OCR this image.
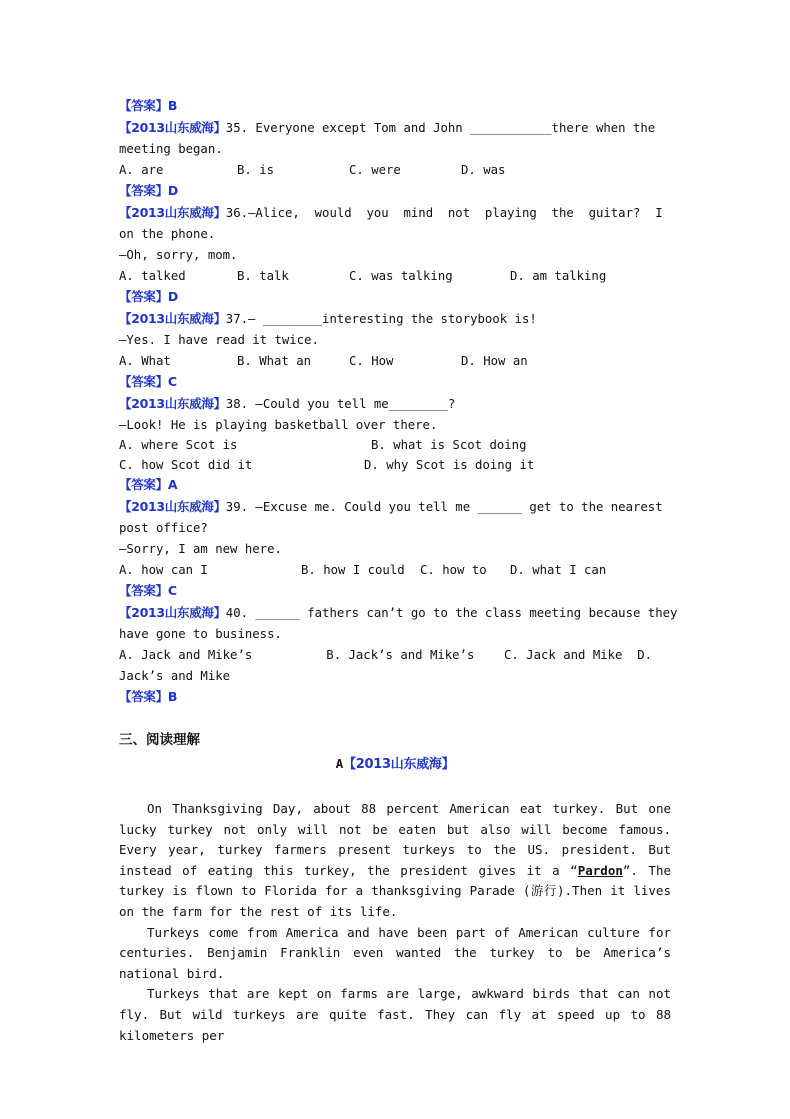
【答案】B
【2013山东威海】35. Everyone except Tom and John ___________there when the
meeting began.
A. are	B. is	C. were	D. was
【答案】D
【2013山东威海】36.—Alice,  would  you  mind  not  playing  the  guitar?  I
on the phone.
—Oh, sorry, mom.
A. talked	B. talk	C. was talking	D. am talking
【答案】D
【2013山东威海】37.— ________interesting the storybook is!
—Yes. I have read it twice.
A. What	B. What an	C. How	D. How an
【答案】C
【2013山东威海】38. —Could you tell me________?
—Look! He is playing basketball over there.
A. where Scot is	B. what is Scot doing
C. how Scot did it	D. why Scot is doing it
【答案】A
【2013山东威海】39. —Excuse me. Could you tell me ______ get to the nearest
post office?
—Sorry, I am new here.
A. how can I	B. how I could	C. how to	D. what I can
【答案】C
【2013山东威海】40. ______ fathers can’t go to the class meeting because they
have gone to business.
A. Jack and Mike’s          B. Jack’s and Mike’s    C. Jack and Mike  D.
Jack’s and Mike
【答案】B
三、阅读理解
A【2013山东威海】
On Thanksgiving Day, about 88 percent American eat turkey. But one lucky turkey not only will not be eaten but also will become famous. Every year, turkey farmers present turkeys to the US. president. But instead of eating this turkey, the president gives it a “Pardon”. The turkey is flown to Florida for a thanksgiving Parade (游行).Then it lives on the farm for the rest of its life.
Turkeys come from America and have been part of American culture for centuries. Benjamin Franklin even wanted the turkey to be America’s national bird.
Turkeys that are kept on farms are large, awkward birds that can not fly. But wild turkeys are quite fast. They can fly at speed up to 88 kilometers per
